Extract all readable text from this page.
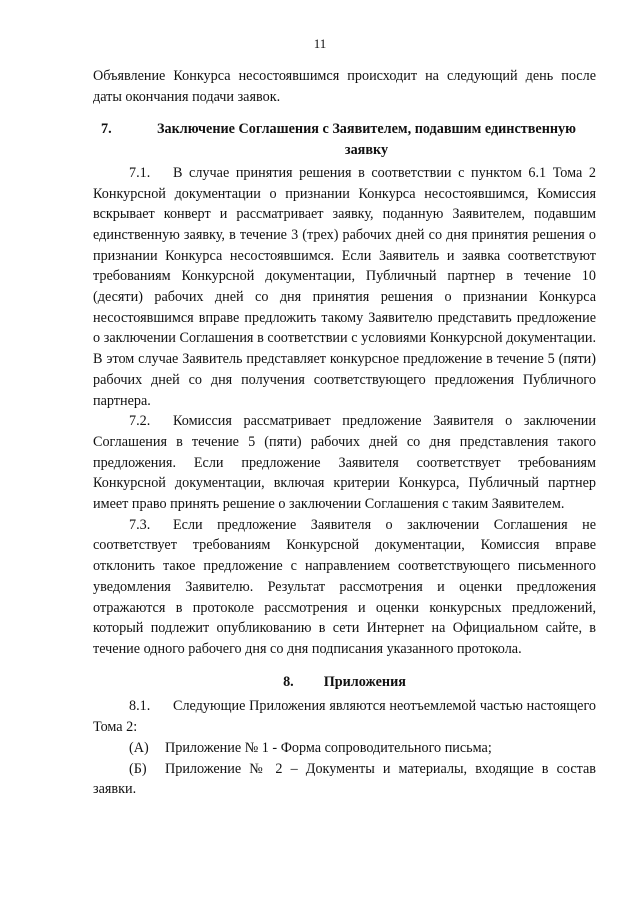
11

Объявление Конкурса несостоявшимся происходит на следующий день после даты окончания подачи заявок.

7.	Заключение Соглашения с Заявителем, подавшим единственную заявку

7.1. В случае принятия решения в соответствии с пунктом 6.1 Тома 2 Конкурсной документации о признании Конкурса несостоявшимся, Комиссия вскрывает конверт и рассматривает заявку, поданную Заявителем, подавшим единственную заявку, в течение 3 (трех) рабочих дней со дня принятия решения о признании Конкурса несостоявшимся. Если Заявитель и заявка соответствуют требованиям Конкурсной документации, Публичный партнер в течение 10 (десяти) рабочих дней со дня принятия решения о признании Конкурса несостоявшимся вправе предложить такому Заявителю представить предложение о заключении Соглашения в соответствии с условиями Конкурсной документации. В этом случае Заявитель представляет конкурсное предложение в течение 5 (пяти) рабочих дней со дня получения соответствующего предложения Публичного партнера.

7.2. Комиссия рассматривает предложение Заявителя о заключении Соглашения в течение 5 (пяти) рабочих дней со дня представления такого предложения. Если предложение Заявителя соответствует требованиям Конкурсной документации, включая критерии Конкурса, Публичный партнер имеет право принять решение о заключении Соглашения с таким Заявителем.

7.3. Если предложение Заявителя о заключении Соглашения не соответствует требованиям Конкурсной документации, Комиссия вправе отклонить такое предложение с направлением соответствующего письменного уведомления Заявителю. Результат рассмотрения и оценки предложения отражаются в протоколе рассмотрения и оценки конкурсных предложений, который подлежит опубликованию в сети Интернет на Официальном сайте, в течение одного рабочего дня со дня подписания указанного протокола.

8. Приложения

8.1. Следующие Приложения являются неотъемлемой частью настоящего Тома 2:

(А)	Приложение № 1 - Форма сопроводительного письма;

(Б) Приложение № 2 – Документы и материалы, входящие в состав заявки.
